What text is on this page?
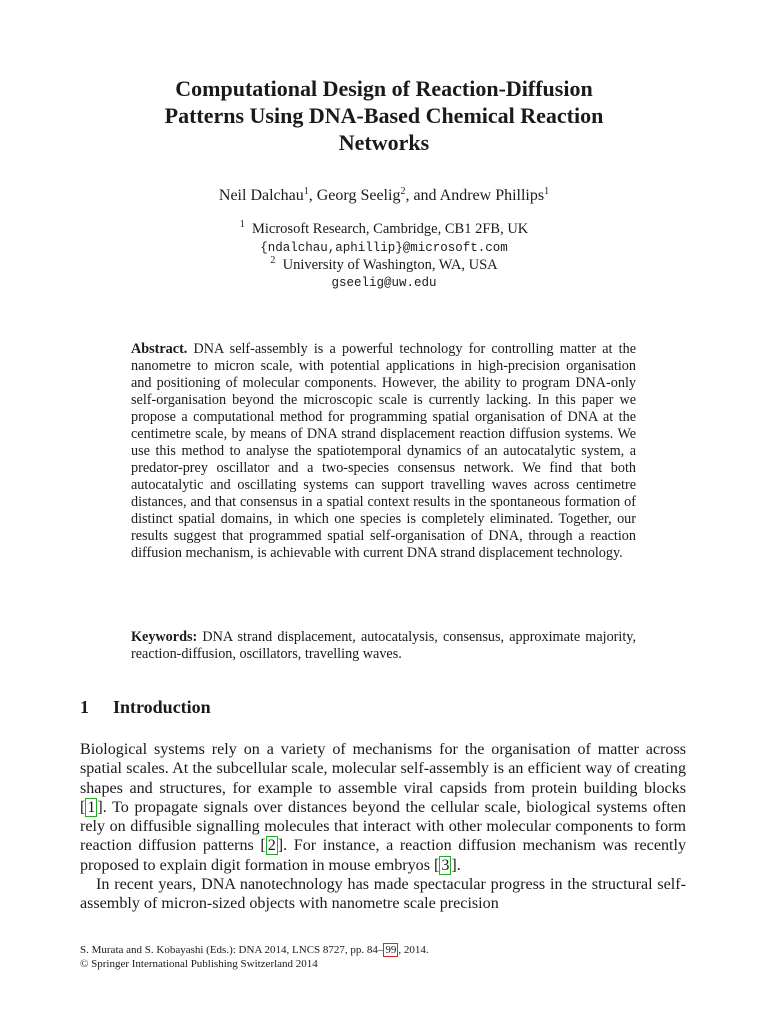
Computational Design of Reaction-Diffusion
Patterns Using DNA-Based Chemical Reaction
Networks
Neil Dalchau$^1$, Georg Seelig$^2$, and Andrew Phillips$^1$
$^1$ Microsoft Research, Cambridge, CB1 2FB, UK
{ndalchau,aphillip}@microsoft.com
$^2$ University of Washington, WA, USA
gseelig@uw.edu

Abstract. DNA self-assembly is a powerful technology for controlling matter at the nanometre to micron scale, with potential applications in high-precision organisation and positioning of molecular components. However, the ability to program DNA-only self-organisation beyond the microscopic scale is currently lacking. In this paper we propose a computational method for programming spatial organisation of DNA at the centimetre scale, by means of DNA strand displacement reaction diffusion systems. We use this method to analyse the spatiotemporal dynamics of an autocatalytic system, a predator-prey oscillator and a two-species consensus network. We find that both autocatalytic and oscillating systems can support travelling waves across centimetre distances, and that consensus in a spatial context results in the spontaneous formation of distinct spatial domains, in which one species is completely eliminated. Together, our results suggest that programmed spatial self-organisation of DNA, through a reaction diffusion mechanism, is achievable with current DNA strand displacement technology.

Keywords: DNA strand displacement, autocatalysis, consensus, approximate majority, reaction-diffusion, oscillators, travelling waves.

1 Introduction

Biological systems rely on a variety of mechanisms for the organisation of matter across spatial scales. At the subcellular scale, molecular self-assembly is an efficient way of creating shapes and structures, for example to assemble viral capsids from protein building blocks [ 1 ]. To propagate signals over distances beyond the cellular scale, biological systems often rely on diffusible signalling molecules that interact with other molecular components to form reaction diffusion patterns [ 2 ]. For instance, a reaction diffusion mechanism was recently proposed to explain digit formation in mouse embryos [ 3 ].

In recent years, DNA nanotechnology has made spectacular progress in the structural self-assembly of micron-sized objects with nanometre scale precision

S. Murata and S. Kobayashi (Eds.): DNA 2014, LNCS 8727, pp. 84– 99 , 2014.
© Springer International Publishing Switzerland 2014
